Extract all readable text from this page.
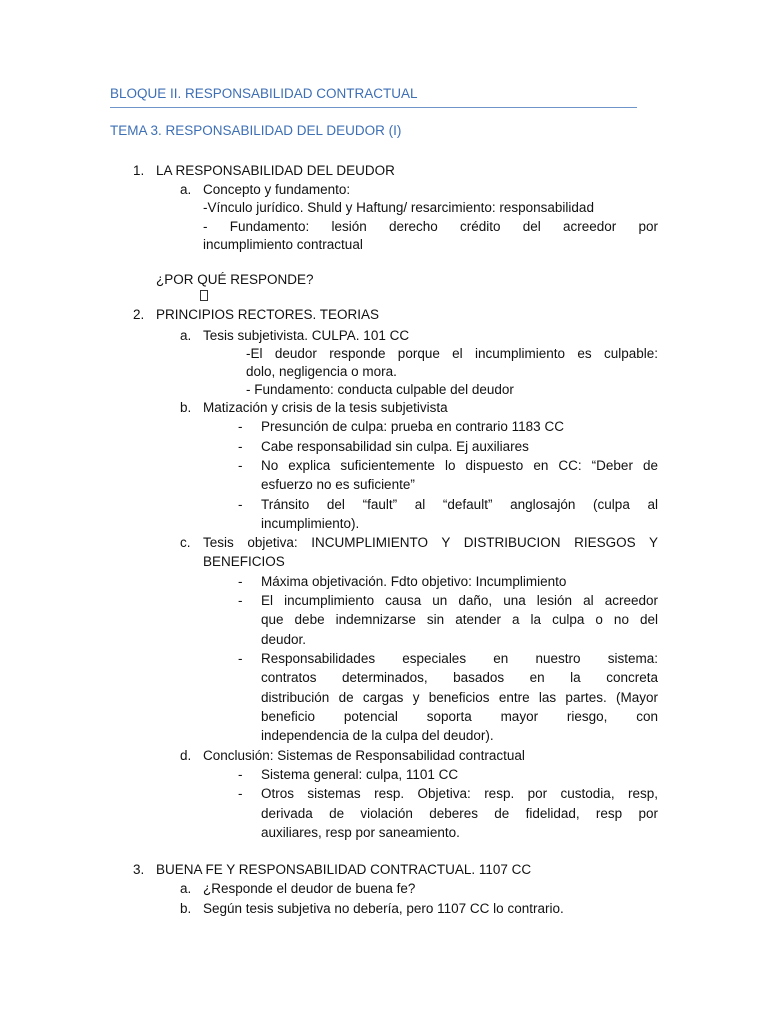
BLOQUE II. RESPONSABILIDAD CONTRACTUAL
TEMA 3. RESPONSABILIDAD DEL DEUDOR (I)
1. LA RESPONSABILIDAD DEL DEUDOR
a. Concepto y fundamento:
-Vínculo jurídico. Shuld y Haftung/ resarcimiento: responsabilidad
- Fundamento: lesión derecho crédito del acreedor por
incumplimiento contractual
¿POR QUÉ RESPONDE?
2. PRINCIPIOS RECTORES. TEORIAS
a. Tesis subjetivista. CULPA. 101 CC
-El deudor responde porque el incumplimiento es culpable:
dolo, negligencia o mora.
- Fundamento: conducta culpable del deudor
b. Matización y crisis de la tesis subjetivista
- Presunción de culpa: prueba en contrario 1183 CC
- Cabe responsabilidad sin culpa. Ej auxiliares
- No explica suficientemente lo dispuesto en CC: “Deber de
esfuerzo no es suficiente”
- Tránsito del “fault” al “default” anglosajón (culpa al
incumplimiento).
c. Tesis objetiva: INCUMPLIMIENTO Y DISTRIBUCION RIESGOS Y
BENEFICIOS
- Máxima objetivación. Fdto objetivo: Incumplimiento
- El incumplimiento causa un daño, una lesión al acreedor
que debe indemnizarse sin atender a la culpa o no del
deudor.
- Responsabilidades especiales en nuestro sistema:
contratos determinados, basados en la concreta
distribución de cargas y beneficios entre las partes. (Mayor
beneficio potencial soporta mayor riesgo, con
independencia de la culpa del deudor).
d. Conclusión: Sistemas de Responsabilidad contractual
- Sistema general: culpa, 1101 CC
- Otros sistemas resp. Objetiva: resp. por custodia, resp,
derivada de violación deberes de fidelidad, resp por
auxiliares, resp por saneamiento.
3. BUENA FE Y RESPONSABILIDAD CONTRACTUAL. 1107 CC
a. ¿Responde el deudor de buena fe?
b. Según tesis subjetiva no debería, pero 1107 CC lo contrario.
